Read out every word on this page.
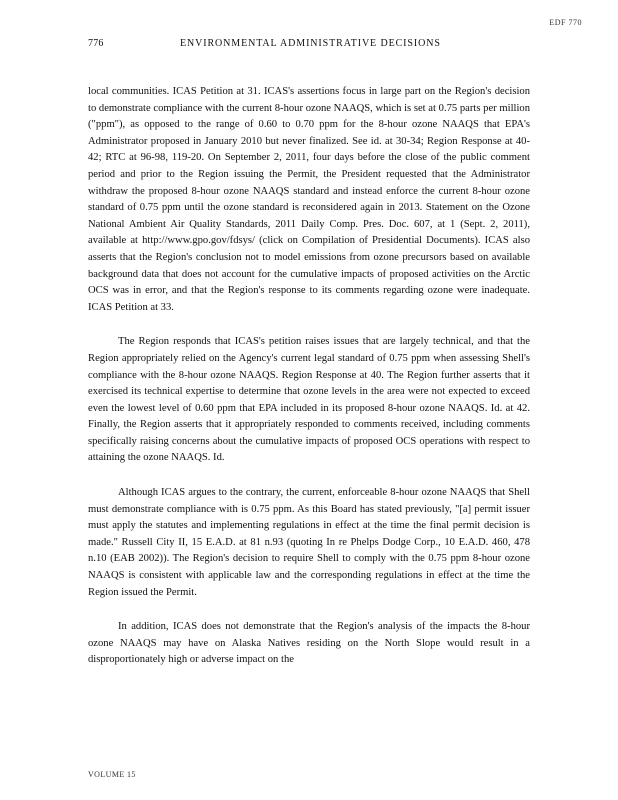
EDF 770
776	ENVIRONMENTAL ADMINISTRATIVE DECISIONS

local communities. ICAS Petition at 31. ICAS's assertions focus in large part on the Region's decision to demonstrate compliance with the current 8-hour ozone NAAQS, which is set at 0.75 parts per million ("ppm"), as opposed to the range of 0.60 to 0.70 ppm for the 8-hour ozone NAAQS that EPA's Administrator proposed in January 2010 but never finalized. See id. at 30-34; Region Response at 40-42; RTC at 96-98, 119-20. On September 2, 2011, four days before the close of the public comment period and prior to the Region issuing the Permit, the President requested that the Administrator withdraw the proposed 8-hour ozone NAAQS standard and instead enforce the current 8-hour ozone standard of 0.75 ppm until the ozone standard is reconsidered again in 2013. Statement on the Ozone National Ambient Air Quality Standards, 2011 Daily Comp. Pres. Doc. 607, at 1 (Sept. 2, 2011), available at http://www.gpo.gov/fdsys/ (click on Compilation of Presidential Documents). ICAS also asserts that the Region's conclusion not to model emissions from ozone precursors based on available background data that does not account for the cumulative impacts of proposed activities on the Arctic OCS was in error, and that the Region's response to its comments regarding ozone were inadequate. ICAS Petition at 33.

The Region responds that ICAS's petition raises issues that are largely technical, and that the Region appropriately relied on the Agency's current legal standard of 0.75 ppm when assessing Shell's compliance with the 8-hour ozone NAAQS. Region Response at 40. The Region further asserts that it exercised its technical expertise to determine that ozone levels in the area were not expected to exceed even the lowest level of 0.60 ppm that EPA included in its proposed 8-hour ozone NAAQS. Id. at 42. Finally, the Region asserts that it appropriately responded to comments received, including comments specifically raising concerns about the cumulative impacts of proposed OCS operations with respect to attaining the ozone NAAQS. Id.

Although ICAS argues to the contrary, the current, enforceable 8-hour ozone NAAQS that Shell must demonstrate compliance with is 0.75 ppm. As this Board has stated previously, "[a] permit issuer must apply the statutes and implementing regulations in effect at the time the final permit decision is made." Russell City II, 15 E.A.D. at 81 n.93 (quoting In re Phelps Dodge Corp., 10 E.A.D. 460, 478 n.10 (EAB 2002)). The Region's decision to require Shell to comply with the 0.75 ppm 8-hour ozone NAAQS is consistent with applicable law and the corresponding regulations in effect at the time the Region issued the Permit.

In addition, ICAS does not demonstrate that the Region's analysis of the impacts the 8-hour ozone NAAQS may have on Alaska Natives residing on the North Slope would result in a disproportionately high or adverse impact on the

VOLUME 15
